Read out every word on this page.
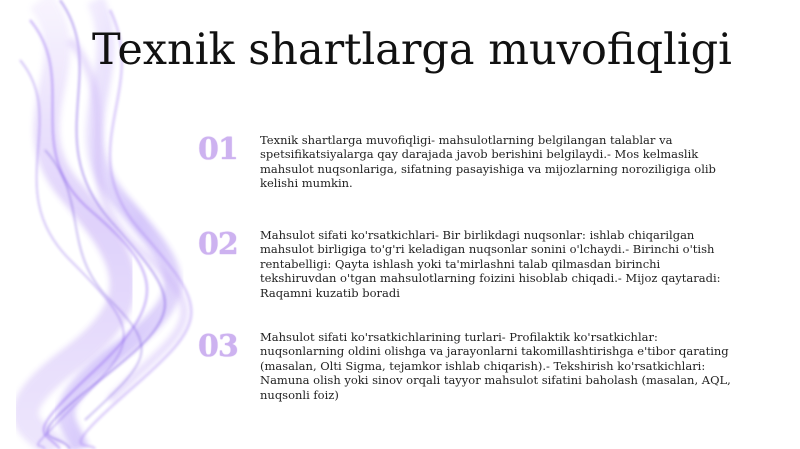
Texnik shartlarga muvofiqligi
01	Texnik shartlarga muvofiqligi- mahsulotlarning belgilangan talablar va spetsifikatsiyalarga qay darajada javob berishini belgilaydi.- Mos kelmaslik mahsulot nuqsonlariga, sifatning pasayishiga va mijozlarning noroziligiga olib kelishi mumkin.
02	Mahsulot sifati ko'rsatkichlari- Bir birlikdagi nuqsonlar: ishlab chiqarilgan mahsulot birligiga to'g'ri keladigan nuqsonlar sonini o'lchaydi.- Birinchi o'tish rentabelligi: Qayta ishlash yoki ta'mirlashni talab qilmasdan birinchi tekshiruvdan o'tgan mahsulotlarning foizini hisoblab chiqadi.- Mijoz qaytaradi: Raqamni kuzatib boradi
03	Mahsulot sifati ko'rsatkichlarining turlari- Profilaktik ko'rsatkichlar: nuqsonlarning oldini olishga va jarayonlarni takomillashtirishga e'tibor qarating (masalan, Olti Sigma, tejamkor ishlab chiqarish).- Tekshirish ko'rsatkichlari: Namuna olish yoki sinov orqali tayyor mahsulot sifatini baholash (masalan, AQL, nuqsonli foiz)
